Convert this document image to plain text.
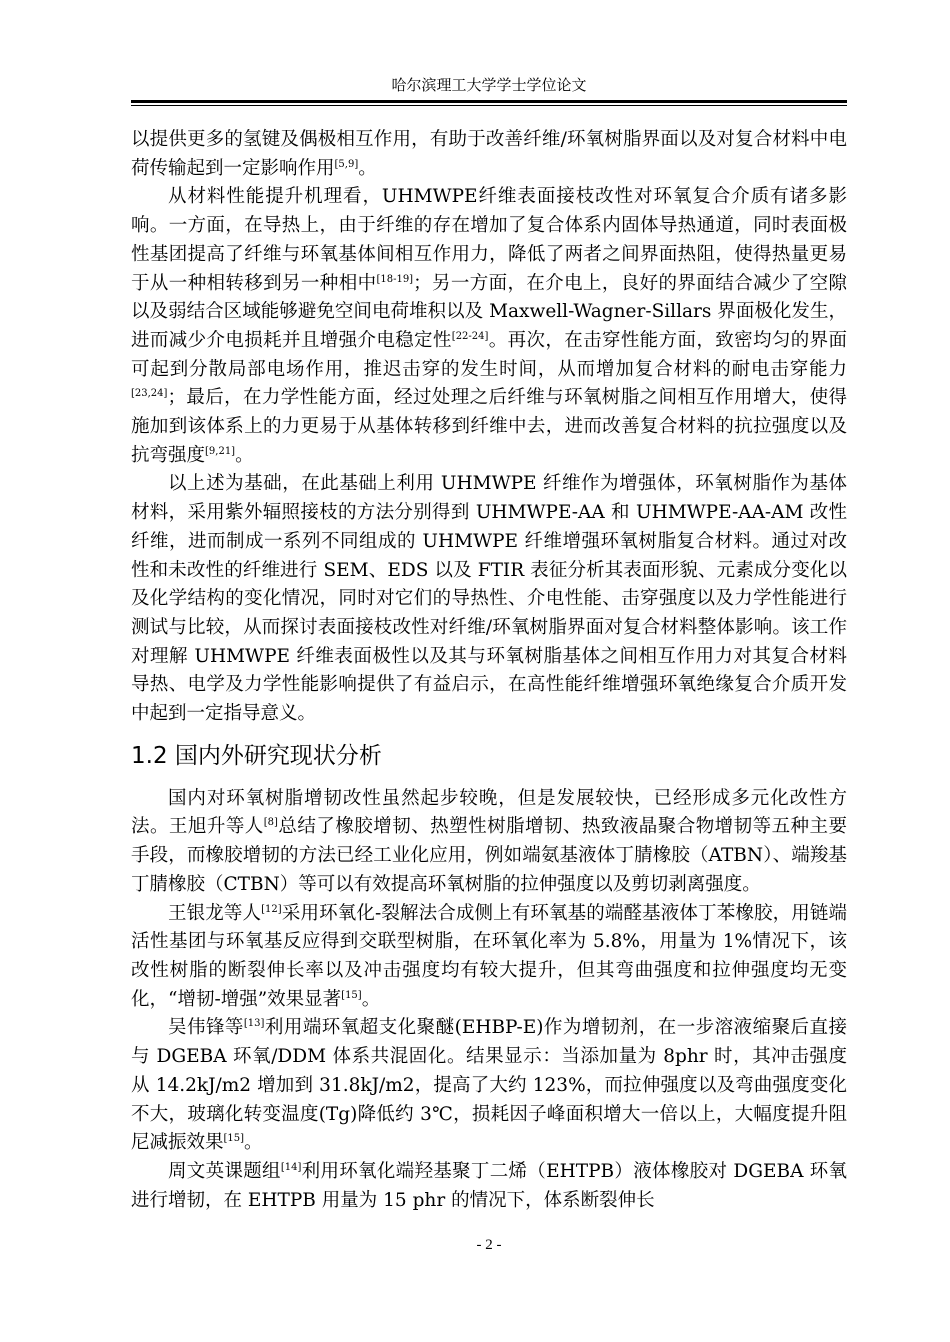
哈尔滨理工大学学士学位论文

以提供更多的氢键及偶极相互作用，有助于改善纤维/环氧树脂界面以及对复合材料中电荷传输起到一定影响作用[5,9]。

从材料性能提升机理看，UHMWPE纤维表面接枝改性对环氧复合介质有诸多影响。一方面，在导热上，由于纤维的存在增加了复合体系内固体导热通道，同时表面极性基团提高了纤维与环氧基体间相互作用力，降低了两者之间界面热阻，使得热量更易于从一种相转移到另一种相中[18-19]；另一方面，在介电上，良好的界面结合减少了空隙以及弱结合区域能够避免空间电荷堆积以及 Maxwell-Wagner-Sillars 界面极化发生，进而减少介电损耗并且增强介电稳定性[22-24]。再次，在击穿性能方面，致密均匀的界面可起到分散局部电场作用，推迟击穿的发生时间，从而增加复合材料的耐电击穿能力[23,24]；最后，在力学性能方面，经过处理之后纤维与环氧树脂之间相互作用增大，使得施加到该体系上的力更易于从基体转移到纤维中去，进而改善复合材料的抗拉强度以及抗弯强度[9,21]。

以上述为基础，在此基础上利用 UHMWPE 纤维作为增强体，环氧树脂作为基体材料，采用紫外辐照接枝的方法分别得到 UHMWPE-AA 和 UHMWPE-AA-AM 改性纤维，进而制成一系列不同组成的 UHMWPE 纤维增强环氧树脂复合材料。通过对改性和未改性的纤维进行 SEM、EDS 以及 FTIR 表征分析其表面形貌、元素成分变化以及化学结构的变化情况，同时对它们的导热性、介电性能、击穿强度以及力学性能进行测试与比较，从而探讨表面接枝改性对纤维/环氧树脂界面对复合材料整体影响。该工作对理解 UHMWPE 纤维表面极性以及其与环氧树脂基体之间相互作用力对其复合材料导热、电学及力学性能影响提供了有益启示，在高性能纤维增强环氧绝缘复合介质开发中起到一定指导意义。

1.2 国内外研究现状分析

国内对环氧树脂增韧改性虽然起步较晚，但是发展较快，已经形成多元化改性方法。王旭升等人[8]总结了橡胶增韧、热塑性树脂增韧、热致液晶聚合物增韧等五种主要手段，而橡胶增韧的方法已经工业化应用，例如端氨基液体丁腈橡胶（ATBN）、端羧基丁腈橡胶（CTBN）等可以有效提高环氧树脂的拉伸强度以及剪切剥离强度。

王银龙等人[12]采用环氧化-裂解法合成侧上有环氧基的端醛基液体丁苯橡胶，用链端活性基团与环氧基反应得到交联型树脂，在环氧化率为 5.8%，用量为 1%情况下，该改性树脂的断裂伸长率以及冲击强度均有较大提升，但其弯曲强度和拉伸强度均无变化，“增韧-增强”效果显著[15]。

吴伟锋等[13]利用端环氧超支化聚醚(EHBP-E)作为增韧剂，在一步溶液缩聚后直接与 DGEBA 环氧/DDM 体系共混固化。结果显示：当添加量为 8phr 时，其冲击强度从 14.2kJ/m2 增加到 31.8kJ/m2，提高了大约 123%，而拉伸强度以及弯曲强度变化不大，玻璃化转变温度(Tg)降低约 3℃，损耗因子峰面积增大一倍以上，大幅度提升阻尼减振效果[15]。

周文英课题组[14]利用环氧化端羟基聚丁二烯（EHTPB）液体橡胶对 DGEBA 环氧进行增韧，在 EHTPB 用量为 15 phr 的情况下，体系断裂伸长

- 2 -
